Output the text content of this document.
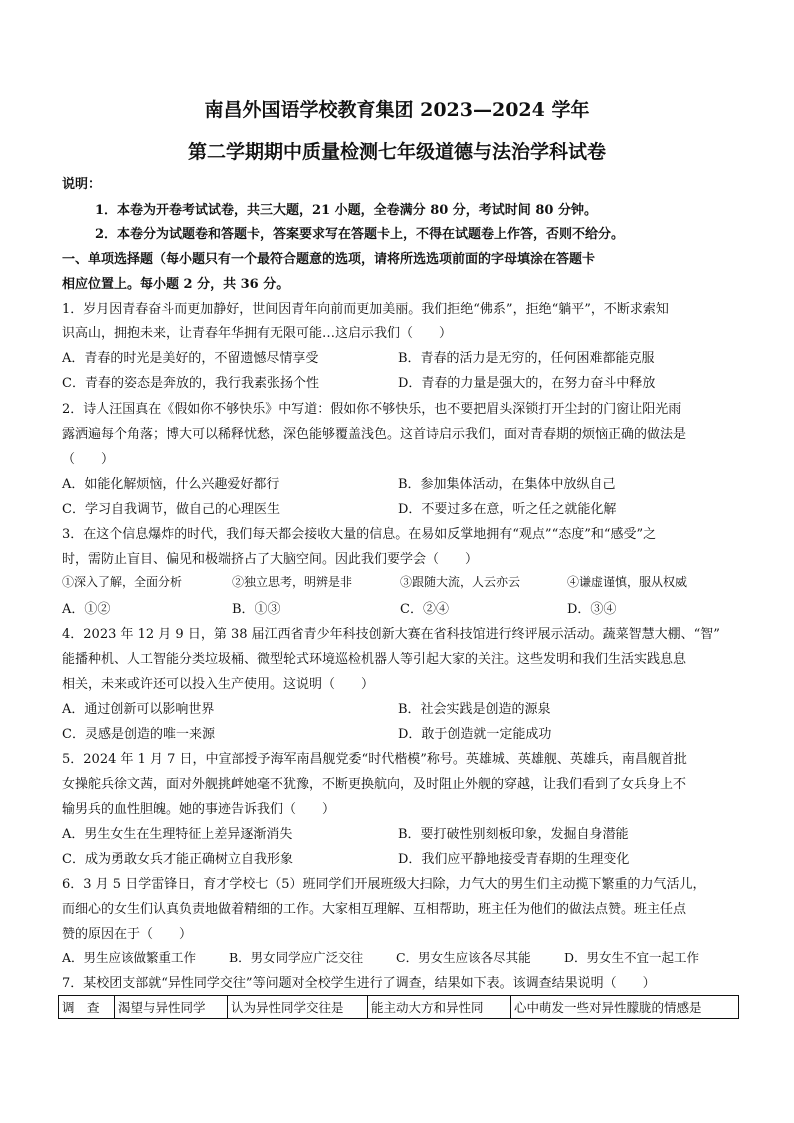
南昌外国语学校教育集团 2023—2024 学年
第二学期期中质量检测七年级道德与法治学科试卷
说明：
1．本卷为开卷考试试卷，共三大题，21 小题，全卷满分 80 分，考试时间 80 分钟。
2．本卷分为试题卷和答题卡，答案要求写在答题卡上，不得在试题卷上作答，否则不给分。
一、单项选择题（每小题只有一个最符合题意的选项，请将所选选项前面的字母填涂在答题卡
相应位置上。每小题 2 分，共 36 分。
1．岁月因青春奋斗而更加静好，世间因青年向前而更加美丽。我们拒绝“佛系”，拒绝“躺平”，不断求索知
识高山，拥抱未来，让青春年华拥有无限可能…这启示我们（　　）
A．青春的时光是美好的，不留遗憾尽情享受	B．青春的活力是无穷的，任何困难都能克服
C．青春的姿态是奔放的，我行我素张扬个性	D．青春的力量是强大的，在努力奋斗中释放
2．诗人汪国真在《假如你不够快乐》中写道：假如你不够快乐，也不要把眉头深锁打开尘封的门窗让阳光雨
露洒遍每个角落；博大可以稀释忧愁，深色能够覆盖浅色。这首诗启示我们，面对青春期的烦恼正确的做法是
（　　）
A．如能化解烦恼，什么兴趣爱好都行	B．参加集体活动，在集体中放纵自己
C．学习自我调节，做自己的心理医生	D．不要过多在意，听之任之就能化解
3．在这个信息爆炸的时代，我们每天都会接收大量的信息。在易如反掌地拥有“观点”“态度”和“感受”之
时，需防止盲目、偏见和极端挤占了大脑空间。因此我们要学会（　　）
①深入了解，全面分析	②独立思考，明辨是非	③跟随大流，人云亦云	④谦虚谨慎，服从权威
A．①②	B．①③	C．②④	D．③④
4．2023 年 12 月 9 日，第 38 届江西省青少年科技创新大赛在省科技馆进行终评展示活动。蔬菜智慧大棚、“智”
能播种机、人工智能分类垃圾桶、微型轮式环境巡检机器人等引起大家的关注。这些发明和我们生活实践息息
相关，未来或许还可以投入生产使用。这说明（　　）
A．通过创新可以影响世界	B．社会实践是创造的源泉
C．灵感是创造的唯一来源	D．敢于创造就一定能成功
5．2024 年 1 月 7 日，中宣部授予海军南昌舰党委“时代楷模”称号。英雄城、英雄舰、英雄兵，南昌舰首批
女操舵兵徐文茜，面对外舰挑衅她毫不犹豫，不断更换航向，及时阻止外舰的穿越，让我们看到了女兵身上不
输男兵的血性胆魄。她的事迹告诉我们（　　）
A．男生女生在生理特征上差异逐渐消失	B．要打破性别刻板印象，发掘自身潜能
C．成为勇敢女兵才能正确树立自我形象	D．我们应平静地接受青春期的生理变化
6．3 月 5 日学雷锋日，育才学校七（5）班同学们开展班级大扫除，力气大的男生们主动揽下繁重的力气活儿，
而细心的女生们认真负责地做着精细的工作。大家相互理解、互相帮助，班主任为他们的做法点赞。班主任点
赞的原因在于（　　）
A．男生应该做繁重工作	B．男女同学应广泛交往	C．男女生应该各尽其能	D．男女生不宜一起工作
7．某校团支部就“异性同学交往”等问题对全校学生进行了调查，结果如下表。该调查结果说明（　　）
调　查	渴望与异性同学	认为异性同学交往是	能主动大方和异性同	心中萌发一些对异性朦胧的情感是
